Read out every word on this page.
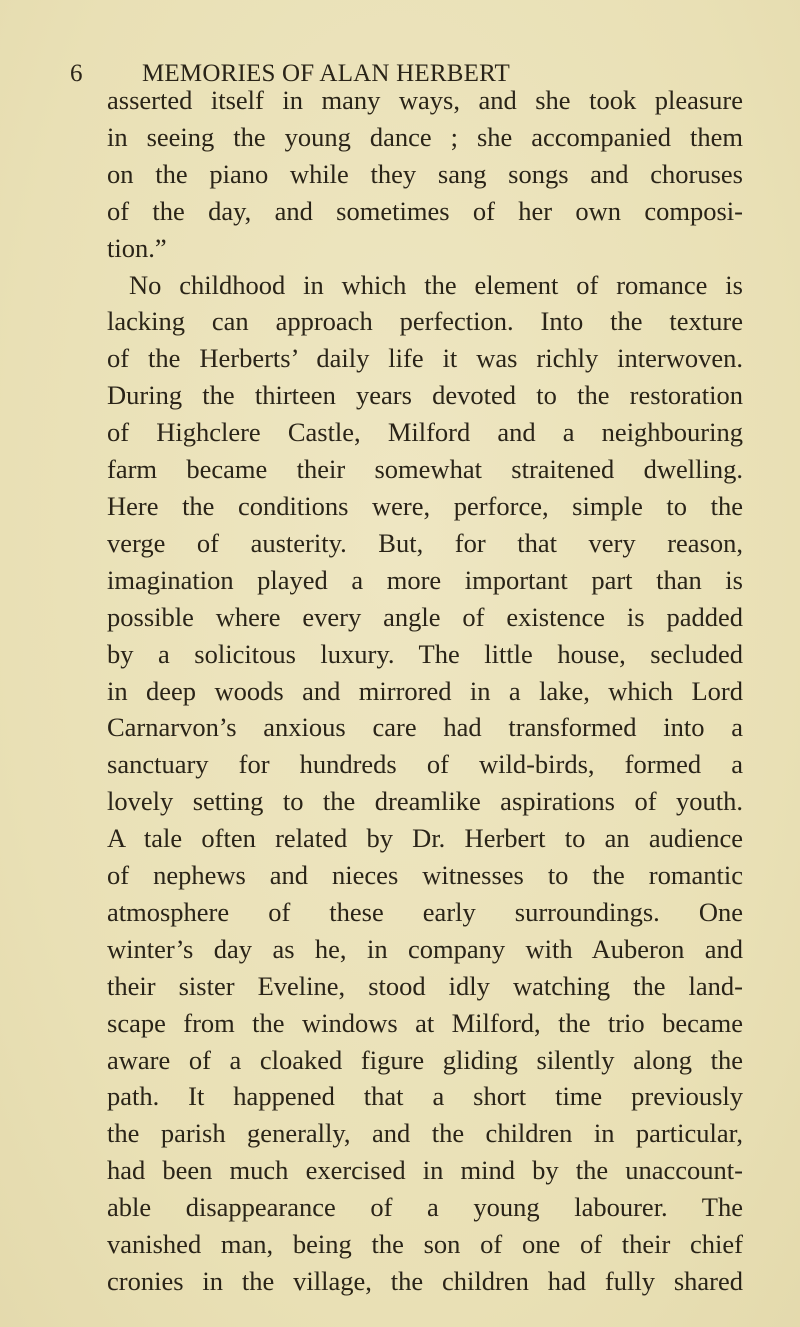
6 MEMORIES OF ALAN HERBERT
asserted itself in many ways, and she took pleasure
in seeing the young dance ; she accompanied them
on the piano while they sang songs and choruses
of the day, and sometimes of her own composi-
tion.”
No childhood in which the element of romance is
lacking can approach perfection. Into the texture
of the Herberts’ daily life it was richly interwoven.
During the thirteen years devoted to the restoration
of Highclere Castle, Milford and a neighbouring
farm became their somewhat straitened dwelling.
Here the conditions were, perforce, simple to the
verge of austerity. But, for that very reason,
imagination played a more important part than is
possible where every angle of existence is padded
by a solicitous luxury. The little house, secluded
in deep woods and mirrored in a lake, which Lord
Carnarvon’s anxious care had transformed into a
sanctuary for hundreds of wild-birds, formed a
lovely setting to the dreamlike aspirations of youth.
A tale often related by Dr. Herbert to an audience
of nephews and nieces witnesses to the romantic
atmosphere of these early surroundings. One
winter’s day as he, in company with Auberon and
their sister Eveline, stood idly watching the land-
scape from the windows at Milford, the trio became
aware of a cloaked figure gliding silently along the
path. It happened that a short time previously
the parish generally, and the children in particular,
had been much exercised in mind by the unaccount-
able disappearance of a young labourer. The
vanished man, being the son of one of their chief
cronies in the village, the children had fully shared
